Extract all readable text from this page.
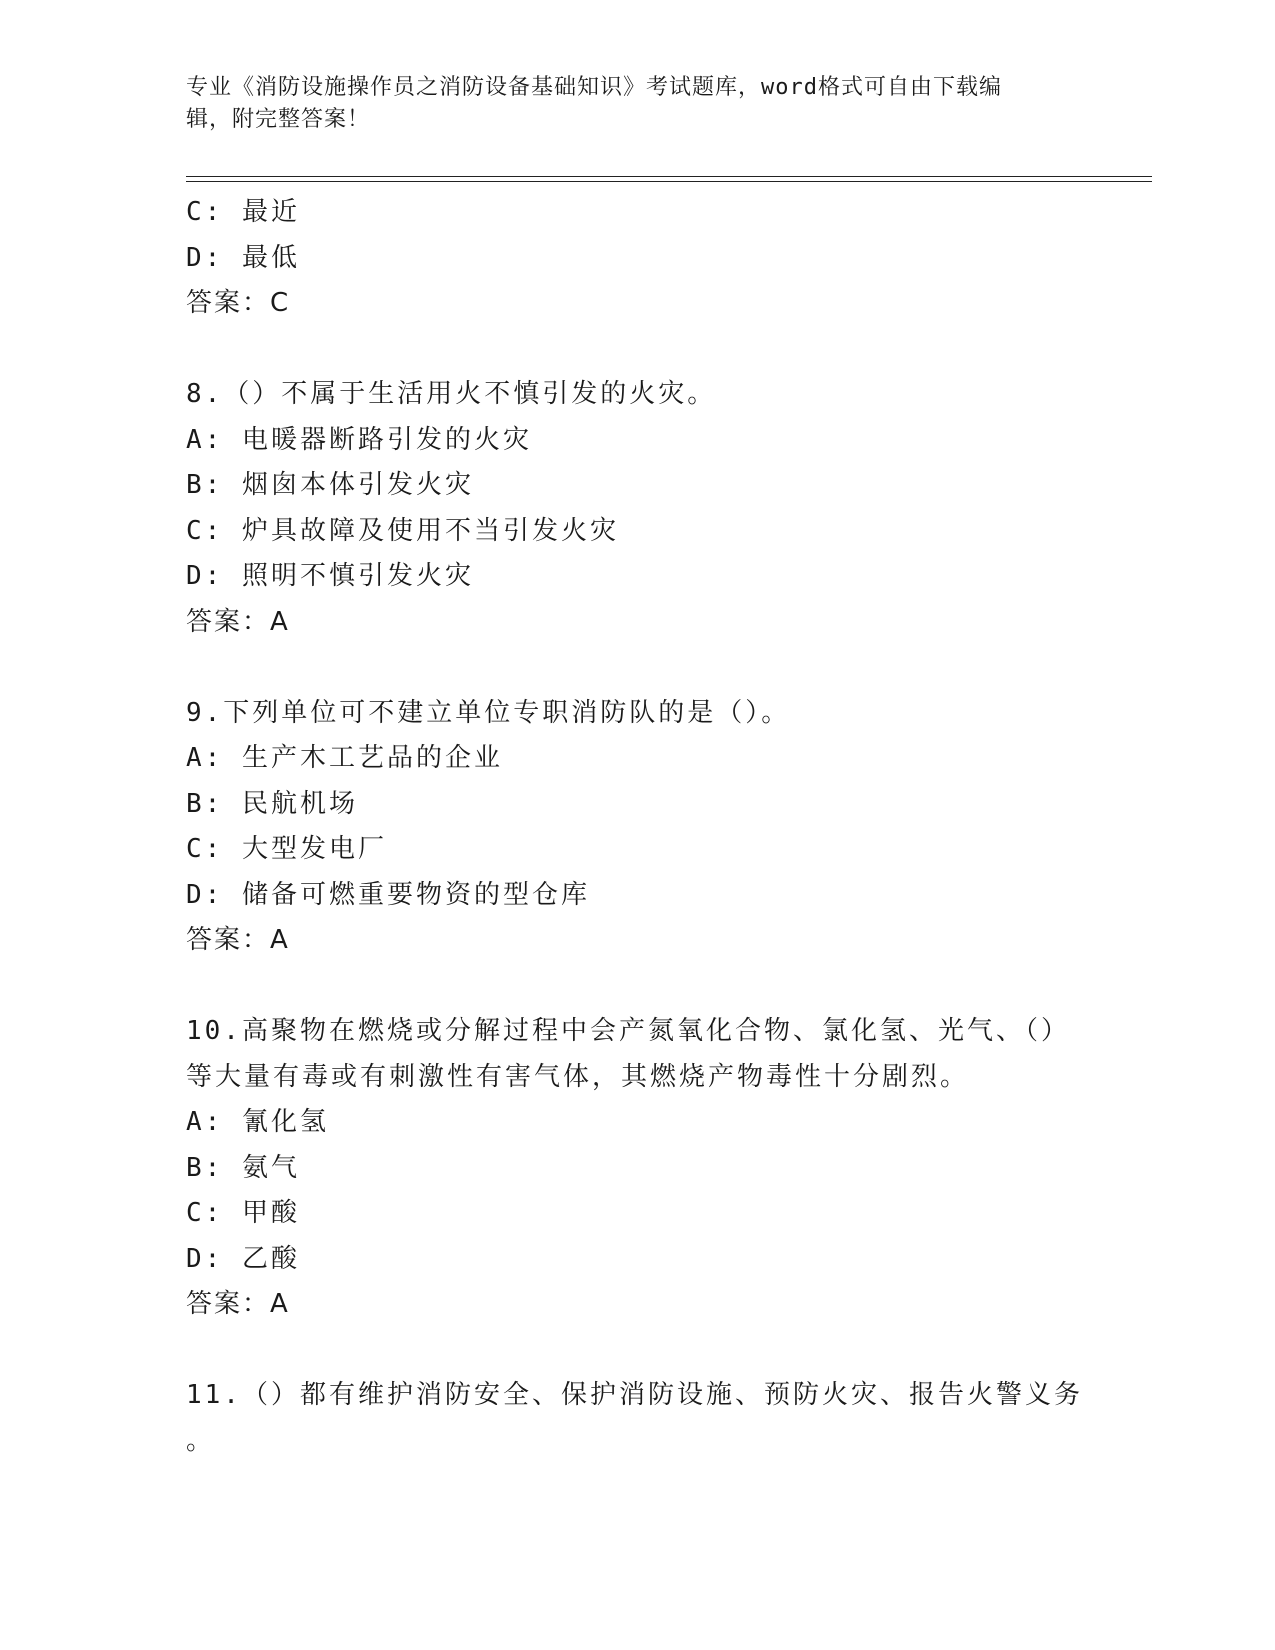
专业《消防设施操作员之消防设备基础知识》考试题库，word格式可自由下载编
辑，附完整答案！
C: 最近
D: 最低
答案：C
8.（）不属于生活用火不慎引发的火灾。
A: 电暖器断路引发的火灾
B: 烟囱本体引发火灾
C: 炉具故障及使用不当引发火灾
D: 照明不慎引发火灾
答案：A
9.下列单位可不建立单位专职消防队的是（）。
A: 生产木工艺品的企业
B: 民航机场
C: 大型发电厂
D: 储备可燃重要物资的型仓库
答案：A
10.高聚物在燃烧或分解过程中会产氮氧化合物、氯化氢、光气、（）
等大量有毒或有刺激性有害气体，其燃烧产物毒性十分剧烈。
A: 氰化氢
B: 氨气
C: 甲酸
D: 乙酸
答案：A
11.（）都有维护消防安全、保护消防设施、预防火灾、报告火警义务
。
